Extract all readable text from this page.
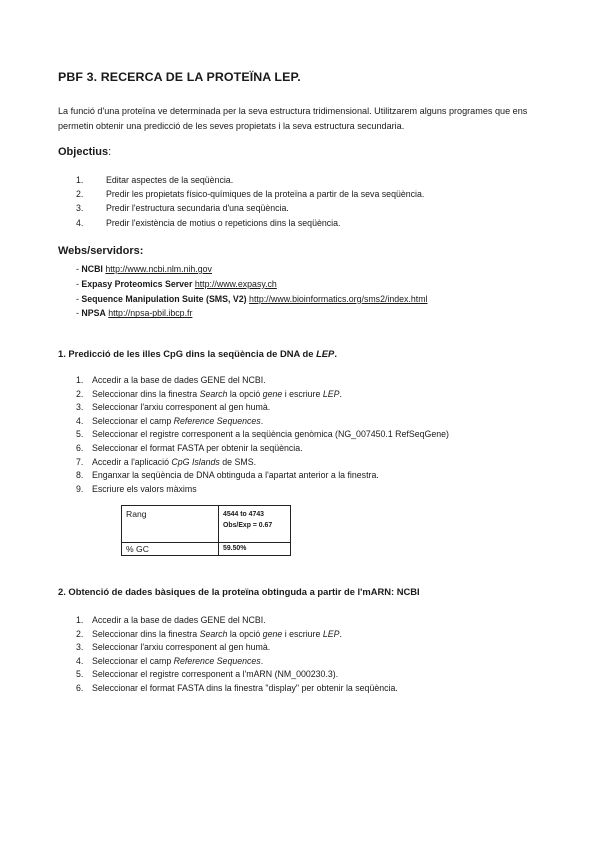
PBF 3. RECERCA DE LA PROTEÏNA LEP.
La funció d'una proteïna ve determinada per la seva estructura tridimensional. Utilitzarem alguns programes que ens permetin obtenir una predicció de les seves propietats i la seva estructura secundaria.
Objectius:
1.	Editar aspectes de la seqüència.
2.	Predir les propietats físico-químiques de la proteïna a partir de la seva seqüència.
3.	Predir l'estructura secundaria d'una seqüència.
4.	Predir l'existència de motius o repeticions dins la seqüència.
Webs/servidors:
- NCBI http://www.ncbi.nlm.nih.gov
- Expasy Proteomics Server http://www.expasy.ch
- Sequence Manipulation Suite (SMS, V2) http://www.bioinformatics.org/sms2/index.html
- NPSA http://npsa-pbil.ibcp.fr
1. Predicció de les illes CpG dins la seqüència de DNA de LEP.
1. Accedir a la base de dades GENE del NCBI.
2. Seleccionar dins la finestra Search la opció gene i escriure LEP.
3. Seleccionar l'arxiu corresponent al gen humà.
4. Seleccionar el camp Reference Sequences.
5. Seleccionar el registre corresponent a la seqüència genòmica (NG_007450.1 RefSeqGene)
6. Seleccionar el format FASTA per obtenir la seqüència.
7. Accedir a l'aplicació CpG Islands de SMS.
8. Enganxar la seqüència de DNA obtinguda a l'apartat anterior a la finestra.
9. Escriure els valors màxims
Rang	4544 to 4743
Obs/Exp = 0.67
% GC	59.50%
2. Obtenció de dades bàsiques de la proteïna obtinguda a partir de l'mARN: NCBI
1. Accedir a la base de dades GENE del NCBI.
2. Seleccionar dins la finestra Search la opció gene i escriure LEP.
3. Seleccionar l'arxiu corresponent al gen humà.
4. Seleccionar el camp Reference Sequences.
5. Seleccionar el registre corresponent a l'mARN (NM_000230.3).
6. Seleccionar el format FASTA dins la finestra "display" per obtenir la seqüència.
